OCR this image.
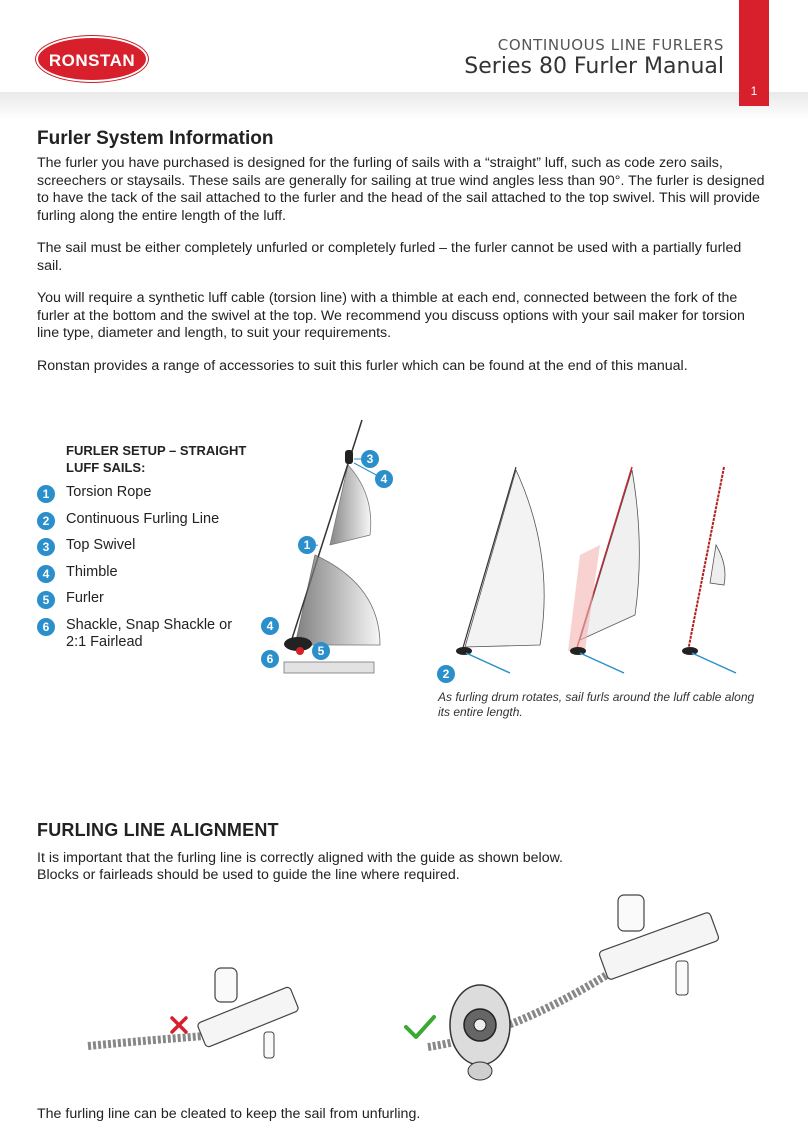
RONSTAN
CONTINUOUS LINE FURLERS
Series 80 Furler Manual
1
Furler System Information

The furler you have purchased is designed for the furling of sails with a “straight” luff, such as code zero sails, screechers or staysails. These sails are generally for sailing at true wind angles less than 90°. The furler is designed to have the tack of the sail attached to the furler and the head of the sail attached to the top swivel. This will provide furling along the entire length of the luff.

The sail must be either completely unfurled or completely furled – the furler cannot be used with a partially furled sail.

You will require a synthetic luff cable (torsion line) with a thimble at each end, connected between the fork of the furler at the bottom and the swivel at the top. We recommend you discuss options with your sail maker for torsion line type, diameter and length, to suit your requirements.

Ronstan provides a range of accessories to suit this furler which can be found at the end of this manual.

FURLER SETUP – STRAIGHT LUFF SAILS:
1	Torsion Rope
2	Continuous Furling Line
3	Top Swivel
4	Thimble
5	Furler
6	Shackle, Snap Shackle or 2:1 Fairlead
3
4
1
4
5
6
2
As furling drum rotates, sail furls around the luff cable along its entire length.
FURLING LINE ALIGNMENT

It is important that the furling line is correctly aligned with the guide as shown below.

Blocks or fairleads should be used to guide the line where required.

The furling line can be cleated to keep the sail from unfurling.
